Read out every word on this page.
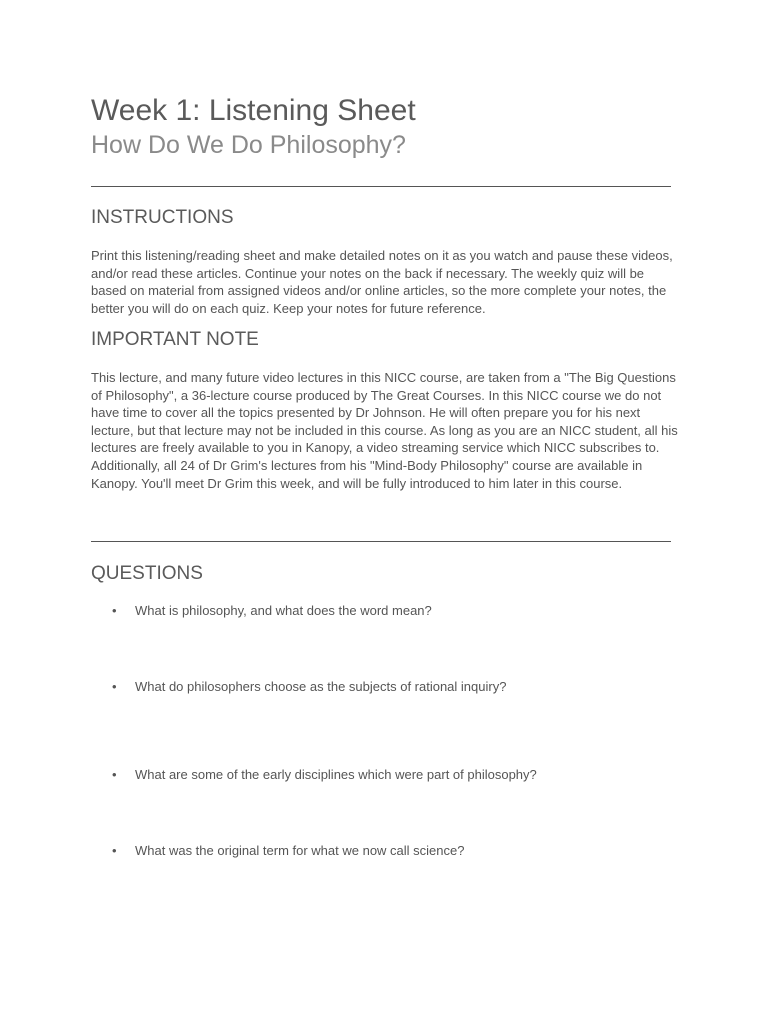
Week 1: Listening Sheet
How Do We Do Philosophy?
INSTRUCTIONS
Print this listening/reading sheet and make detailed notes on it as you watch and pause these videos, and/or read these articles. Continue your notes on the back if necessary. The weekly quiz will be based on material from assigned videos and/or online articles, so the more complete your notes, the better you will do on each quiz. Keep your notes for future reference.
IMPORTANT NOTE
This lecture, and many future video lectures in this NICC course, are taken from a "The Big Questions of Philosophy", a 36-lecture course produced by The Great Courses. In this NICC course we do not have time to cover all the topics presented by Dr Johnson. He will often prepare you for his next lecture, but that lecture may not be included in this course. As long as you are an NICC student, all his lectures are freely available to you in Kanopy, a video streaming service which NICC subscribes to. Additionally, all 24 of Dr Grim's lectures from his "Mind-Body Philosophy" course are available in Kanopy. You'll meet Dr Grim this week, and will be fully introduced to him later in this course.
QUESTIONS
• What is philosophy, and what does the word mean?
• What do philosophers choose as the subjects of rational inquiry?
• What are some of the early disciplines which were part of philosophy?
• What was the original term for what we now call science?
